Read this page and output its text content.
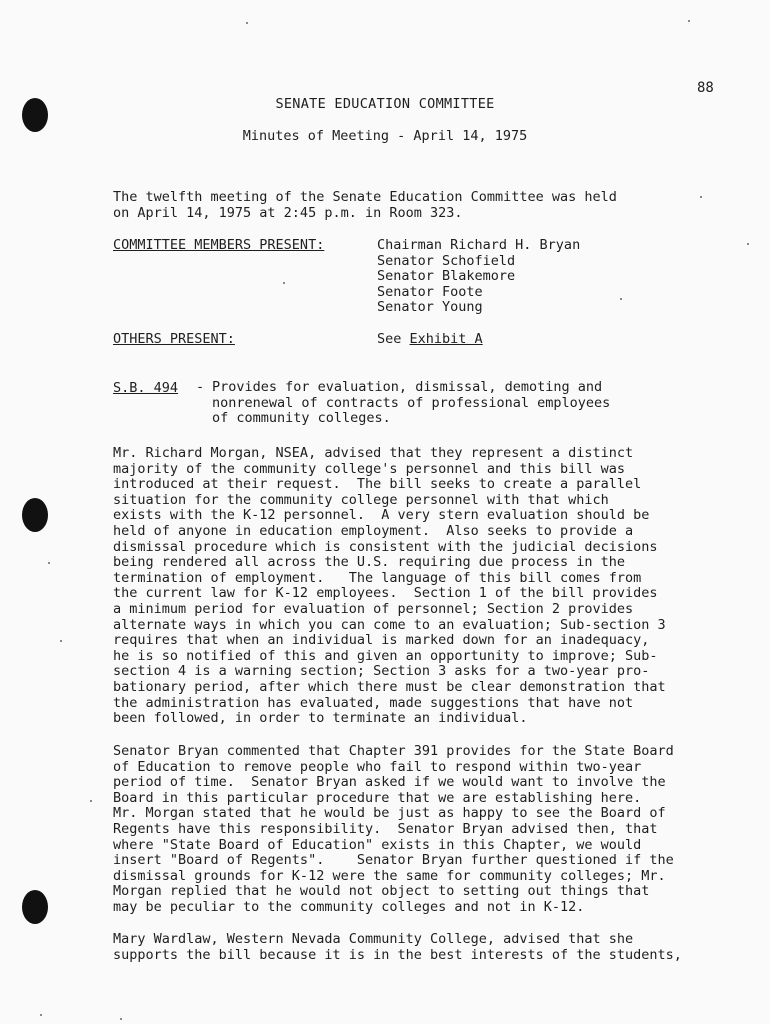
88
SENATE EDUCATION COMMITTEE
Minutes of Meeting - April 14, 1975

The twelfth meeting of the Senate Education Committee was held
on April 14, 1975 at 2:45 p.m. in Room 323.

COMMITTEE MEMBERS PRESENT:	Chairman Richard H. Bryan
Senator Schofield
Senator Blakemore
Senator Foote
Senator Young
OTHERS PRESENT:	See Exhibit A
S.B. 494 - Provides for evaluation, dismissal, demoting and
nonrenewal of contracts of professional employees
of community colleges.

Mr. Richard Morgan, NSEA, advised that they represent a distinct
majority of the community college's personnel and this bill was
introduced at their request.  The bill seeks to create a parallel
situation for the community college personnel with that which
exists with the K-12 personnel.  A very stern evaluation should be
held of anyone in education employment.  Also seeks to provide a
dismissal procedure which is consistent with the judicial decisions
being rendered all across the U.S. requiring due process in the
termination of employment.   The language of this bill comes from
the current law for K-12 employees.  Section 1 of the bill provides
a minimum period for evaluation of personnel; Section 2 provides
alternate ways in which you can come to an evaluation; Sub-section 3
requires that when an individual is marked down for an inadequacy,
he is so notified of this and given an opportunity to improve; Sub-
section 4 is a warning section; Section 3 asks for a two-year pro-
bationary period, after which there must be clear demonstration that
the administration has evaluated, made suggestions that have not
been followed, in order to terminate an individual.

Senator Bryan commented that Chapter 391 provides for the State Board
of Education to remove people who fail to respond within two-year
period of time.  Senator Bryan asked if we would want to involve the
Board in this particular procedure that we are establishing here.
Mr. Morgan stated that he would be just as happy to see the Board of
Regents have this responsibility.  Senator Bryan advised then, that
where "State Board of Education" exists in this Chapter, we would
insert "Board of Regents".    Senator Bryan further questioned if the
dismissal grounds for K-12 were the same for community colleges; Mr.
Morgan replied that he would not object to setting out things that
may be peculiar to the community colleges and not in K-12.

Mary Wardlaw, Western Nevada Community College, advised that she
supports the bill because it is in the best interests of the students,
